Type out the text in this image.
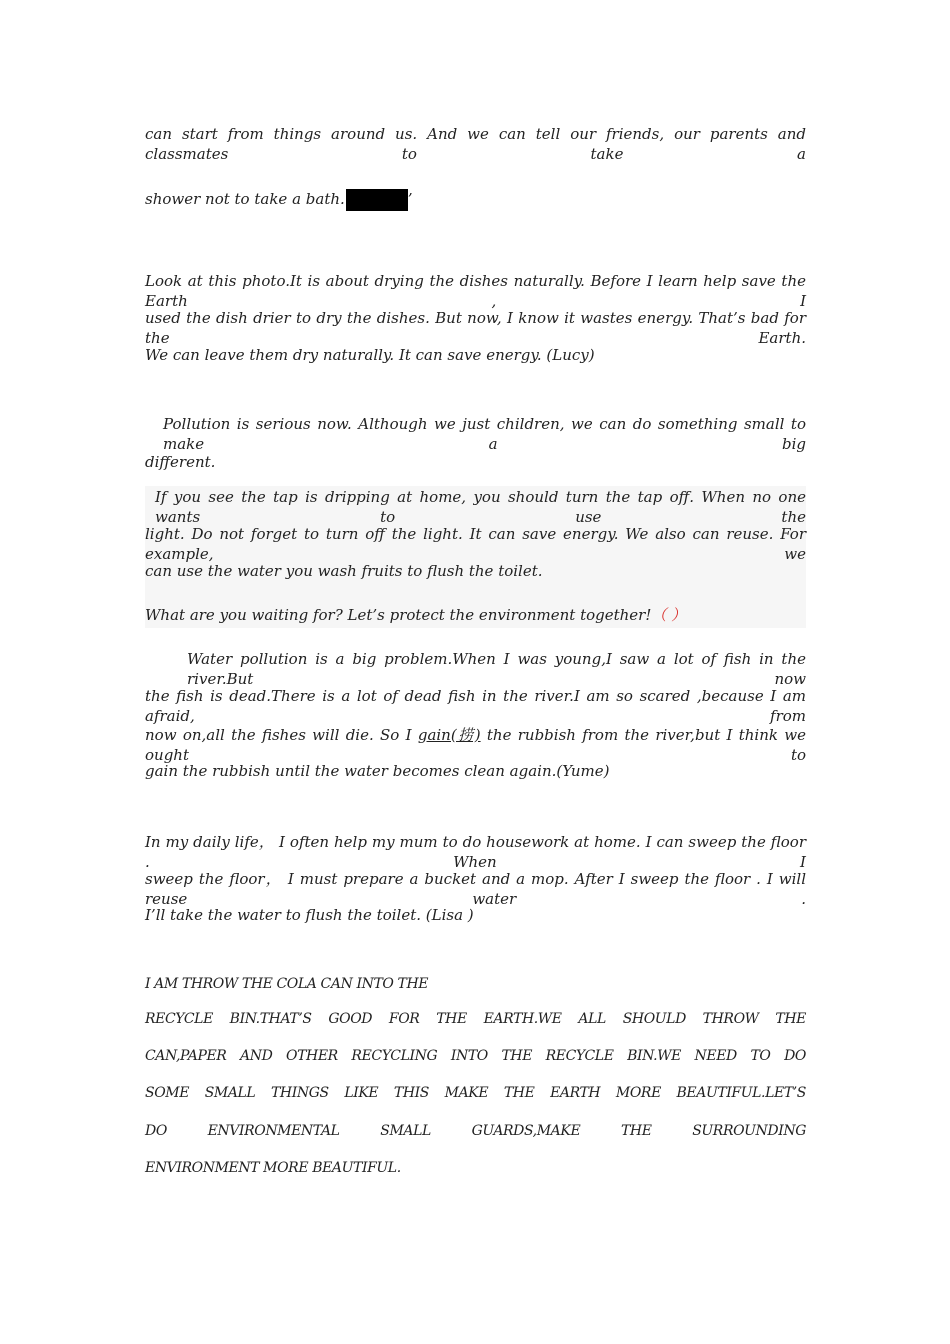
can start from things around us. And we can tell our friends, our parents and classmates to take a
shower not to take a bath.	’
Look at this photo.It is about drying the dishes naturally. Before I learn help save the Earth , I
used the dish drier to dry the dishes. But now, I know it wastes energy. That’s bad for the Earth.
We can leave them dry naturally. It can save energy. (Lucy)
Pollution is serious now. Although we just children, we can do something small to make a big
different.
If you see the tap is dripping at home, you should turn the tap off. When no one wants to use the
light. Do not forget to turn off the light. It can save energy. We also can reuse. For example, we
can use the water you wash fruits to flush the toilet.
What are you waiting for? Let’s protect the environment together!（ ）
Water pollution is a big problem.When I was young,I saw a lot of fish in the river.But now
the fish is dead.There is a lot of dead fish in the river.I am so scared ,because I am afraid, from
now on,all the fishes will die. So I gain(捞) the rubbish from the river,but I think we ought to
gain the rubbish until the water becomes clean again.(Yume)
In my daily life， I often help my mum to do housework at home. I can sweep the floor . When I
sweep the floor， I must prepare a bucket and a mop. After I sweep the floor . I will reuse water .
I’ll take the water to flush the toilet. (Lisa )
I AM THROW THE COLA CAN INTO THE
RECYCLE BIN.THAT’S GOOD FOR THE EARTH.WE ALL SHOULD THROW THE
CAN,PAPER AND OTHER RECYCLING INTO THE RECYCLE BIN.WE NEED TO DO
SOME SMALL THINGS LIKE THIS MAKE THE EARTH MORE BEAUTIFUL.LET’S
DO ENVIRONMENTAL SMALL GUARDS,MAKE THE SURROUNDING
ENVIRONMENT MORE BEAUTIFUL.
